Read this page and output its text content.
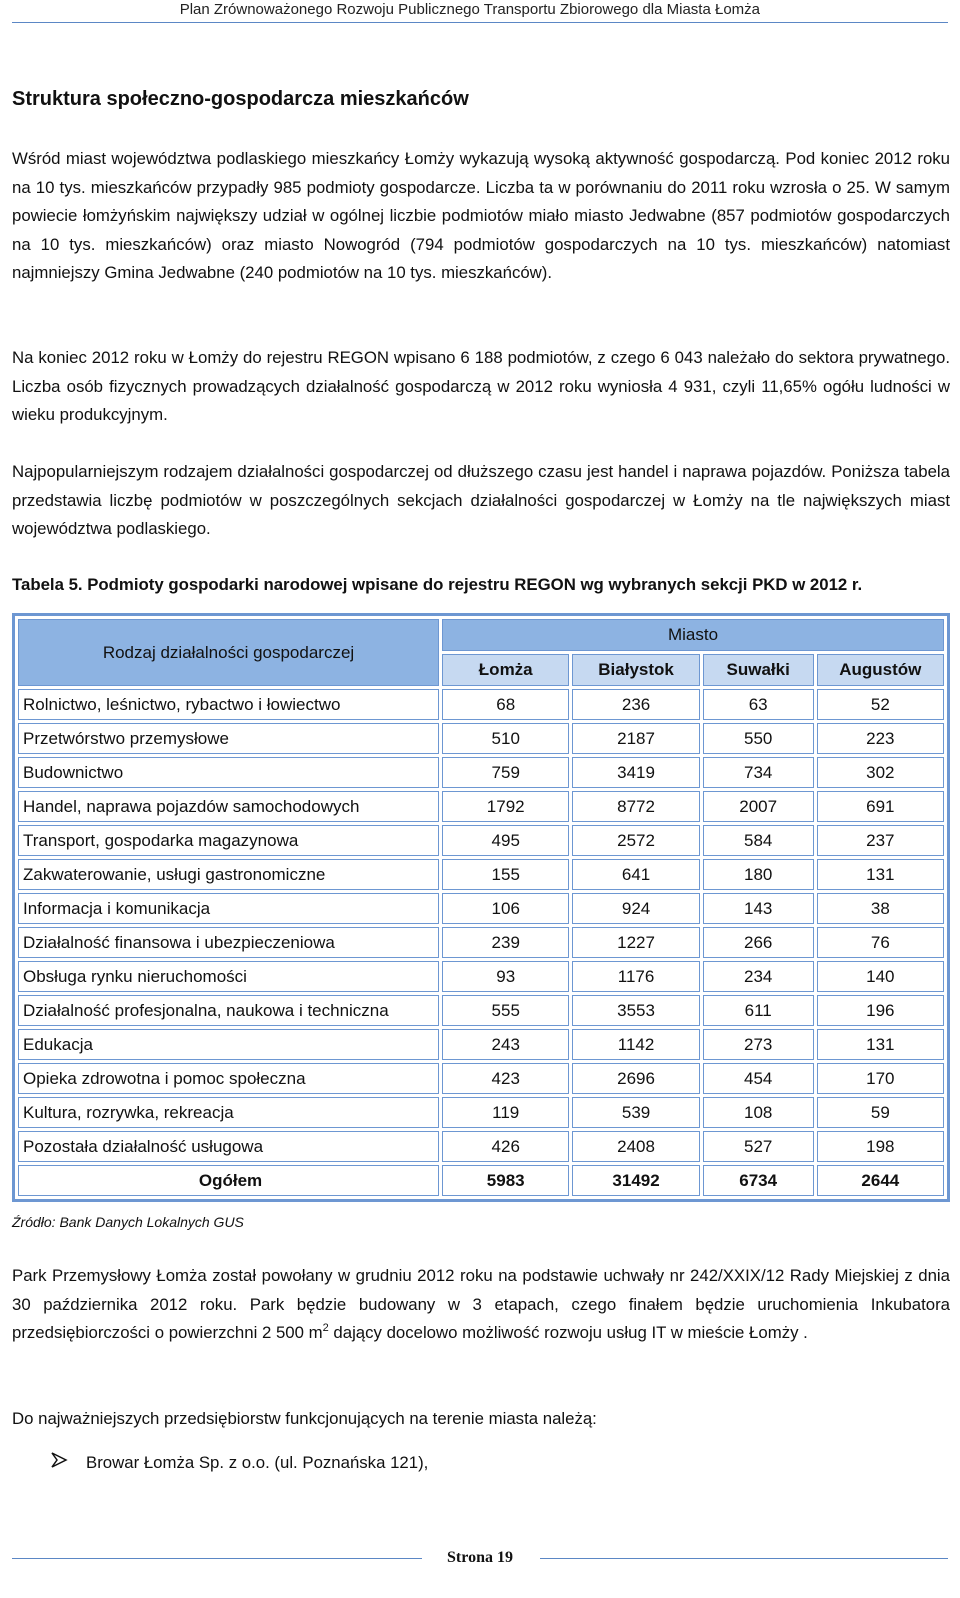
Plan Zrównoważonego Rozwoju Publicznego Transportu Zbiorowego dla Miasta Łomża
Struktura społeczno-gospodarcza mieszkańców
Wśród miast województwa podlaskiego mieszkańcy Łomży wykazują wysoką aktywność gospodarczą. Pod koniec 2012 roku na 10 tys. mieszkańców przypadły 985 podmioty gospodarcze. Liczba ta w porównaniu do 2011 roku wzrosła o 25. W samym powiecie łomżyńskim największy udział w ogólnej liczbie podmiotów miało miasto Jedwabne (857 podmiotów gospodarczych na 10 tys. mieszkańców) oraz miasto Nowogród (794 podmiotów gospodarczych na 10 tys. mieszkańców) natomiast najmniejszy Gmina Jedwabne (240 podmiotów na 10 tys. mieszkańców).
Na koniec 2012 roku w Łomży do rejestru REGON wpisano 6 188 podmiotów, z czego 6 043 należało do sektora prywatnego. Liczba osób fizycznych prowadzących działalność gospodarczą w 2012 roku wyniosła 4 931, czyli 11,65% ogółu ludności w wieku produkcyjnym.
Najpopularniejszym rodzajem działalności gospodarczej od dłuższego czasu jest handel i naprawa pojazdów. Poniższa tabela przedstawia liczbę podmiotów w poszczególnych sekcjach działalności gospodarczej w Łomży na tle największych miast województwa podlaskiego.
Tabela 5. Podmioty gospodarki narodowej wpisane do rejestru REGON wg wybranych sekcji PKD w 2012 r.
Rodzaj działalności gospodarczej	Miasto			
	Łomża	Białystok	Suwałki	Augustów
Rolnictwo, leśnictwo, rybactwo i łowiectwo	68	236	63	52
Przetwórstwo przemysłowe	510	2187	550	223
Budownictwo	759	3419	734	302
Handel, naprawa pojazdów samochodowych	1792	8772	2007	691
Transport, gospodarka magazynowa	495	2572	584	237
Zakwaterowanie, usługi gastronomiczne	155	641	180	131
Informacja i komunikacja	106	924	143	38
Działalność finansowa i ubezpieczeniowa	239	1227	266	76
Obsługa rynku nieruchomości	93	1176	234	140
Działalność profesjonalna, naukowa i techniczna	555	3553	611	196
Edukacja	243	1142	273	131
Opieka zdrowotna i pomoc społeczna	423	2696	454	170
Kultura, rozrywka, rekreacja	119	539	108	59
Pozostała działalność usługowa	426	2408	527	198
Ogółem	5983	31492	6734	2644
Źródło: Bank Danych Lokalnych GUS
Park Przemysłowy Łomża został powołany w grudniu 2012 roku na podstawie uchwały nr 242/XXIX/12 Rady Miejskiej z dnia 30 października 2012 roku. Park będzie budowany w 3 etapach, czego finałem będzie uruchomienia Inkubatora przedsiębiorczości o powierzchni 2 500 $m^2$ dający docelowo możliwość rozwoju usług IT w mieście Łomży .
Do najważniejszych przedsiębiorstw funkcjonujących na terenie miasta należą:
Browar Łomża Sp. z o.o. (ul. Poznańska 121),
Strona 19
